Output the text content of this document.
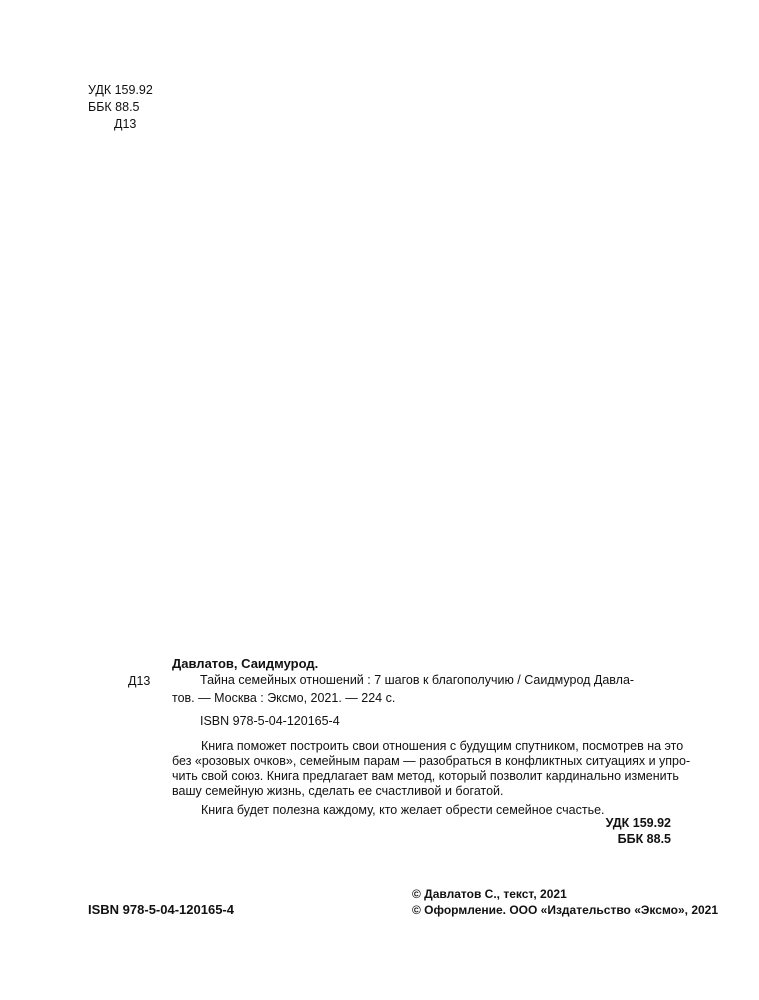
УДК 159.92
ББК 88.5
Д13
Давлатов, Саидмурод.
Д13	Тайна семейных отношений : 7 шагов к благополучию / Саидмурод Давла-
тов. — Москва : Эксмо, 2021. — 224 с.
ISBN 978-5-04-120165-4
Книга поможет построить свои отношения с будущим спутником, посмотрев на это
без «розовых очков», семейным парам — разобраться в конфликтных ситуациях и упро-
чить свой союз. Книга предлагает вам метод, который позволит кардинально изменить
вашу семейную жизнь, сделать ее счастливой и богатой.
Книга будет полезна каждому, кто желает обрести семейное счастье.
УДК 159.92
ББК 88.5
ISBN 978-5-04-120165-4
© Давлатов С., текст, 2021
© Оформление. ООО «Издательство «Эксмо», 2021
